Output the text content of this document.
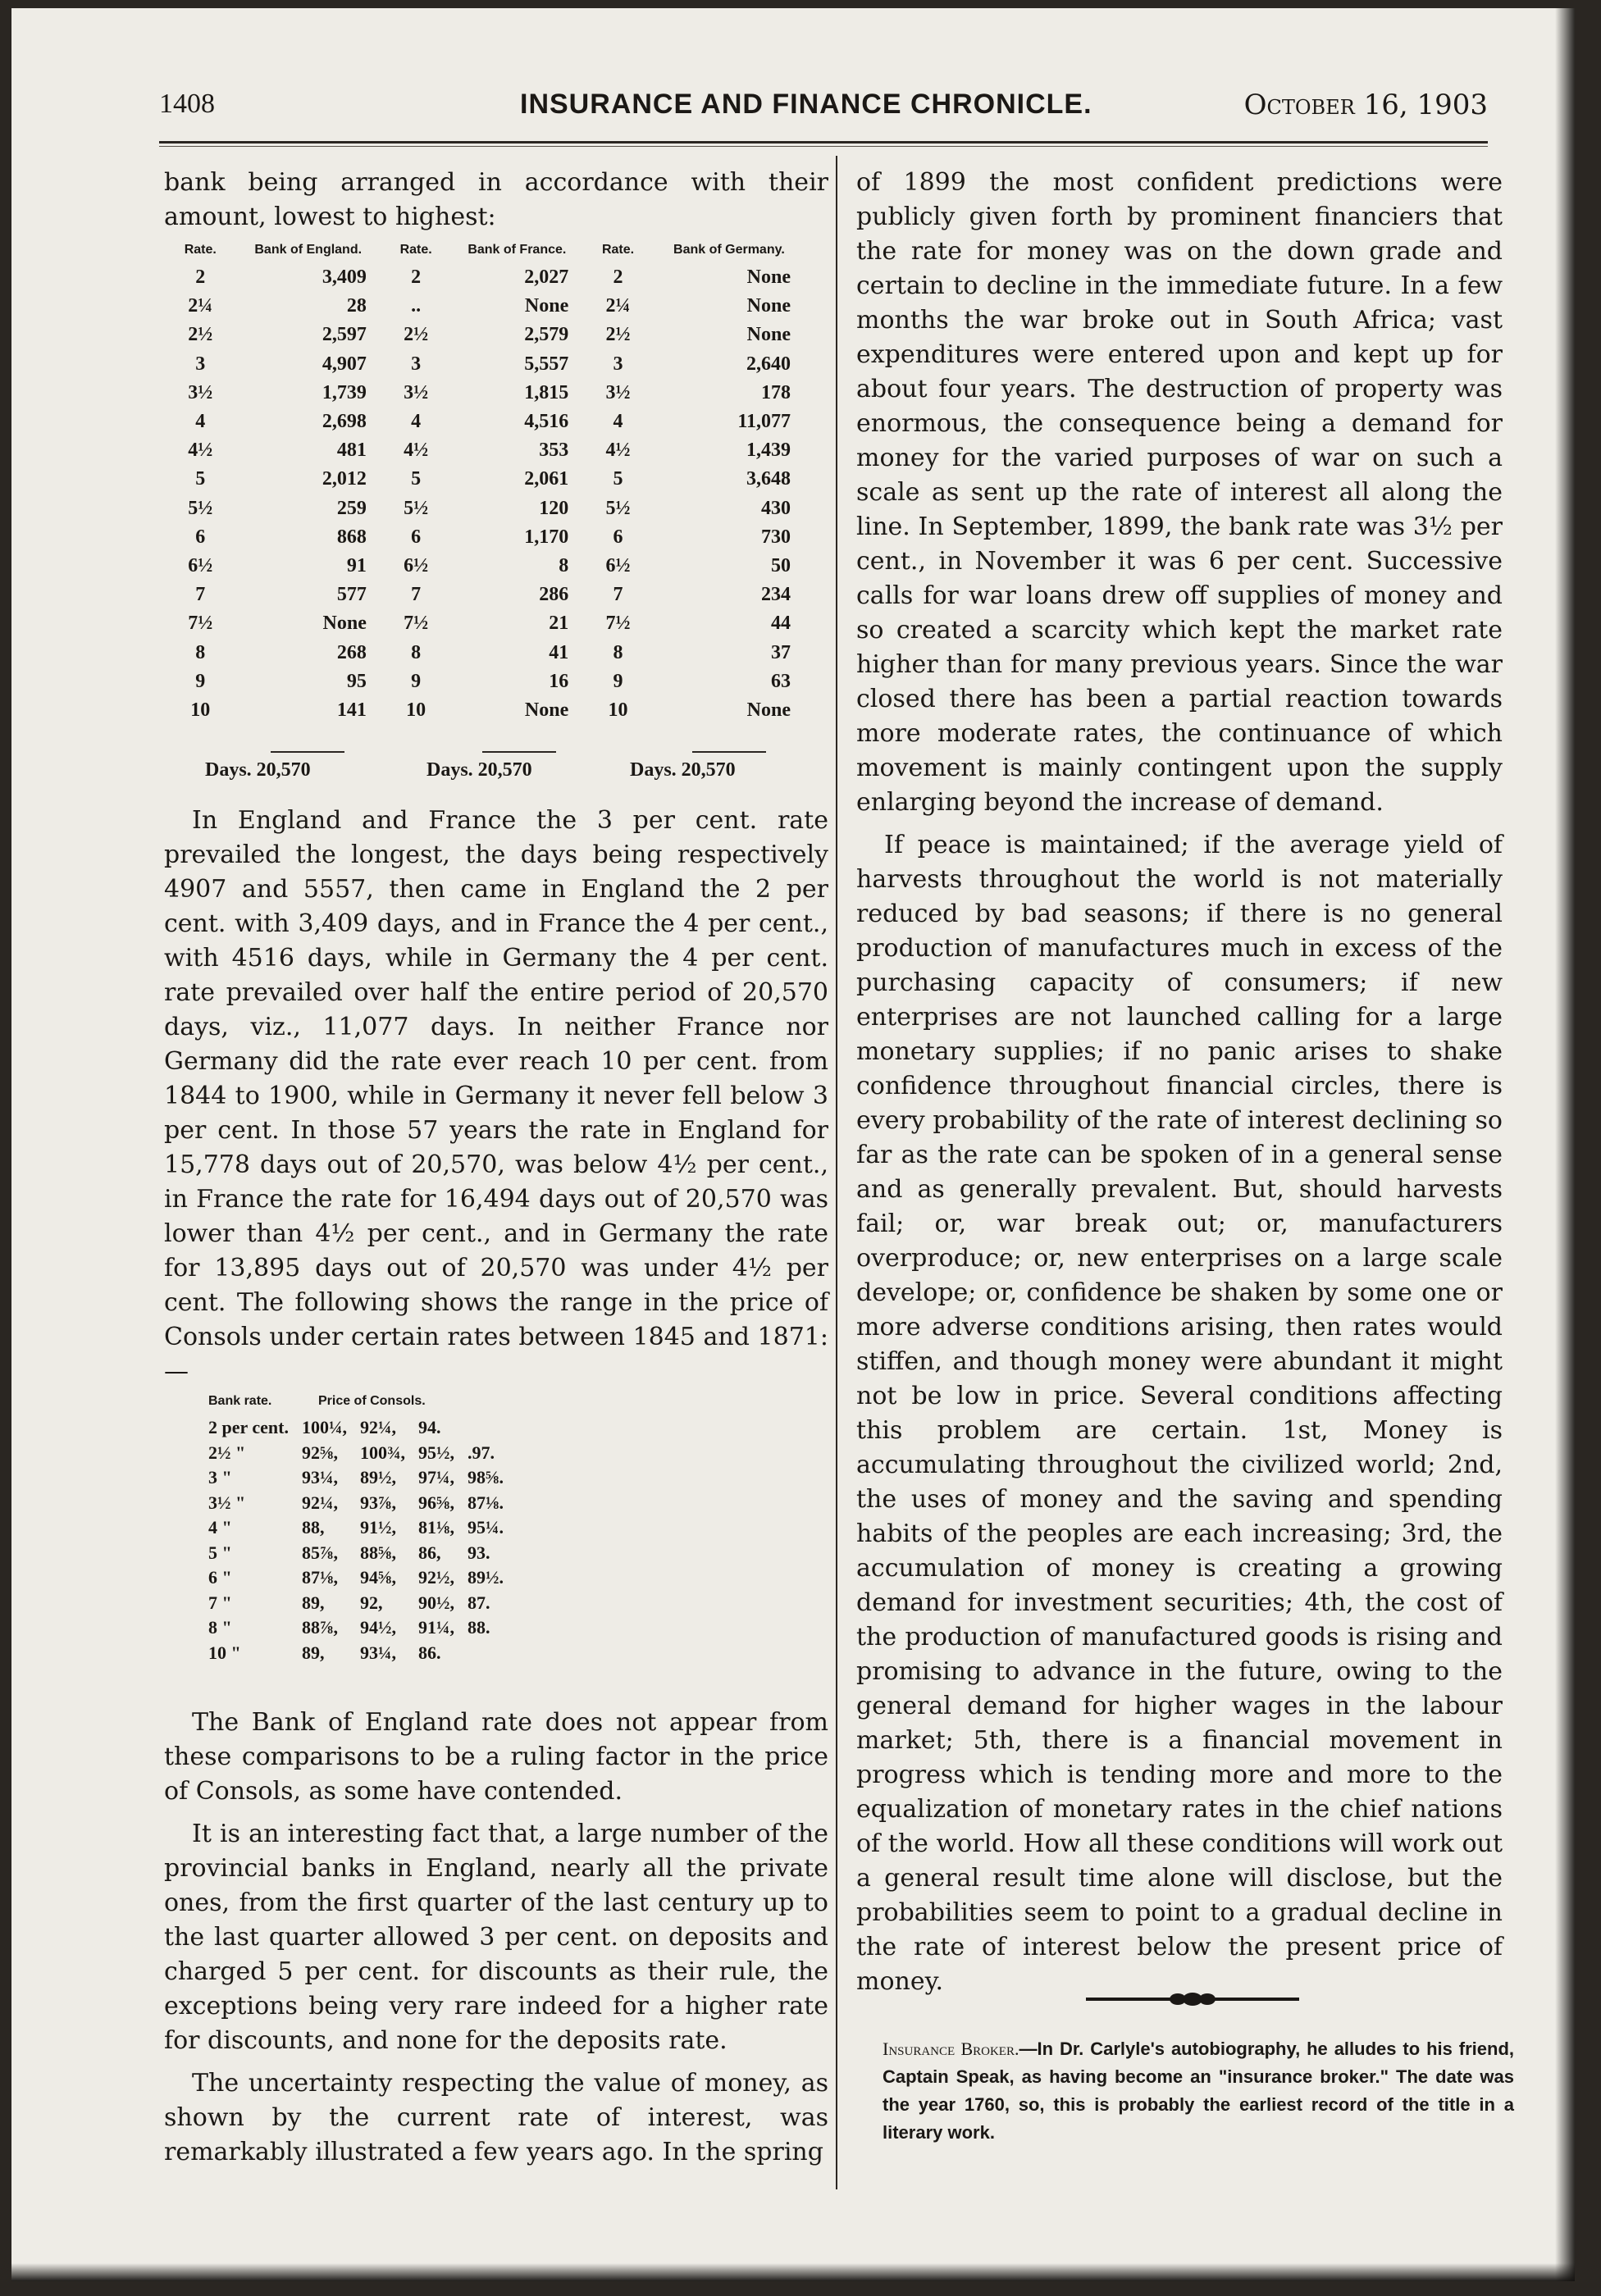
1408	INSURANCE AND FINANCE CHRONICLE.	October 16, 1903

bank being arranged in accordance with their amount, lowest to highest:

Rate.	Bank of England.	Rate.	Bank of France.	Rate.	Bank of Germany.
2	3,409	2	2,027	2	None
2¼	28	..	None	2¼	None
2½	2,597	2½	2,579	2½	None
3	4,907	3	5,557	3	2,640
3½	1,739	3½	1,815	3½	178
4	2,698	4	4,516	4	11,077
4½	481	4½	353	4½	1,439
5	2,012	5	2,061	5	3,648
5½	259	5½	120	5½	430
6	868	6	1,170	6	730
6½	91	6½	8	6½	50
7	577	7	286	7	234
7½	None	7½	21	7½	44
8	268	8	41	8	37
9	95	9	16	9	63
10	141	10	None	10	None
Days. 20,570	Days. 20,570	Days. 20,570

In England and France the 3 per cent. rate prevailed the longest, the days being respectively 4907 and 5557, then came in England the 2 per cent. with 3,409 days, and in France the 4 per cent., with 4516 days, while in Germany the 4 per cent. rate prevailed over half the entire period of 20,570 days, viz., 11,077 days. In neither France nor Germany did the rate ever reach 10 per cent. from 1844 to 1900, while in Germany it never fell below 3 per cent. In those 57 years the rate in England for 15,778 days out of 20,570, was below 4½ per cent., in France the rate for 16,494 days out of 20,570 was lower than 4½ per cent., and in Germany the rate for 13,895 days out of 20,570 was under 4½ per cent. The following shows the range in the price of Consols under certain rates between 1845 and 1871:—

Bank rate.	Price of Consols.			
2 per cent.	100¼,	92¼,	94.	
2½ "	92⅝,	100¾,	95½,	.97.
3 "	93¼,	89½,	97¼,	98⅝.
3½ "	92¼,	93⅞,	96⅝,	87⅛.
4 "	88,	91½,	81⅛,	95¼.
5 "	85⅞,	88⅝,	86,	93.
6 "	87⅛,	94⅝,	92½,	89½.
7 "	89,	92,	90½,	87.
8 "	88⅞,	94½,	91¼,	88.
10 "	89,	93¼,	86.	

The Bank of England rate does not appear from these comparisons to be a ruling factor in the price of Consols, as some have contended.

It is an interesting fact that, a large number of the provincial banks in England, nearly all the private ones, from the first quarter of the last century up to the last quarter allowed 3 per cent. on deposits and charged 5 per cent. for discounts as their rule, the exceptions being very rare indeed for a higher rate for discounts, and none for the deposits rate.

The uncertainty respecting the value of money, as shown by the current rate of interest, was remarkably illustrated a few years ago. In the spring

of 1899 the most confident predictions were publicly given forth by prominent financiers that the rate for money was on the down grade and certain to decline in the immediate future. In a few months the war broke out in South Africa; vast expenditures were entered upon and kept up for about four years. The destruction of property was enormous, the consequence being a demand for money for the varied purposes of war on such a scale as sent up the rate of interest all along the line. In September, 1899, the bank rate was 3½ per cent., in November it was 6 per cent. Successive calls for war loans drew off supplies of money and so created a scarcity which kept the market rate higher than for many previous years. Since the war closed there has been a partial reaction towards more moderate rates, the continuance of which movement is mainly contingent upon the supply enlarging beyond the increase of demand.

If peace is maintained; if the average yield of harvests throughout the world is not materially reduced by bad seasons; if there is no general production of manufactures much in excess of the purchasing capacity of consumers; if new enterprises are not launched calling for a large monetary supplies; if no panic arises to shake confidence throughout financial circles, there is every probability of the rate of interest declining so far as the rate can be spoken of in a general sense and as generally prevalent. But, should harvests fail; or, war break out; or, manufacturers overproduce; or, new enterprises on a large scale develope; or, confidence be shaken by some one or more adverse conditions arising, then rates would stiffen, and though money were abundant it might not be low in price. Several conditions affecting this problem are certain. 1st, Money is accumulating throughout the civilized world; 2nd, the uses of money and the saving and spending habits of the peoples are each increasing; 3rd, the accumulation of money is creating a growing demand for investment securities; 4th, the cost of the production of manufactured goods is rising and promising to advance in the future, owing to the general demand for higher wages in the labour market; 5th, there is a financial movement in progress which is tending more and more to the equalization of monetary rates in the chief nations of the world. How all these conditions will work out a general result time alone will disclose, but the probabilities seem to point to a gradual decline in the rate of interest below the present price of money.

Insurance Broker.—In Dr. Carlyle's autobiography, he alludes to his friend, Captain Speak, as having become an "insurance broker." The date was the year 1760, so, this is probably the earliest record of the title in a literary work.
